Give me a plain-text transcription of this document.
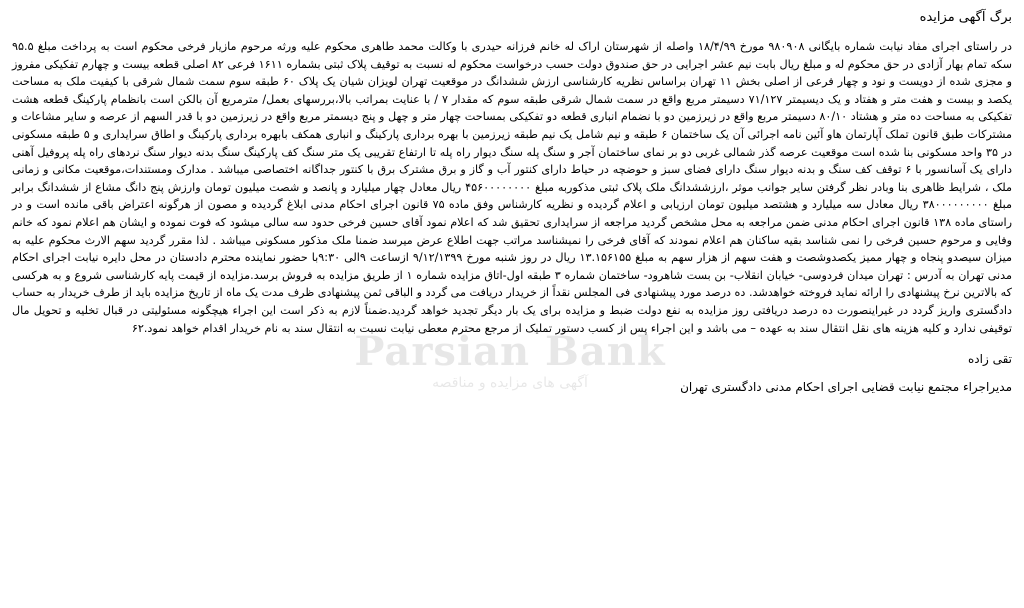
Parsian Bank
آگهی های مزایده و مناقصه
برگ آگهی مزایده

در راستای اجرای مفاد نیابت شماره بایگانی ۹۸۰۹۰۸ مورخ ۱۸/۴/۹۹ واصله از شهرستان اراک له خانم فرزانه حیدری با وکالت محمد طاهری محکوم علیه ورثه مرحوم مازیار فرخی محکوم است به پرداخت مبلغ ۹۵.۵ سکه تمام بهار آزادی در حق محکوم له و مبلغ ریال بابت نیم عشر اجرایی در حق صندوق دولت حسب درخواست محکوم له نسبت به توقیف پلاک ثبتی بشماره ۱۶۱۱ فرعی ۸۲ اصلی قطعه بیست و چهارم تفکیکی مفروز و مجزی شده از دویست و نود و چهار فرعی از اصلی بخش ۱۱ تهران براساس نظریه کارشناسی ارزش ششدانگ در موقعیت تهران لویزان شیان یک پلاک ۶۰ طبقه سوم سمت شمال شرقی با کیفیت ملک به مساحت یکصد و بیست و هفت متر و هفتاد و یک دیسیمتر ۷۱/۱۲۷ دسیمتر مربع واقع در سمت شمال شرقی طبقه سوم که مقدار ۷ / با عنایت بمراتب بالا،بررسهای بعمل/ مترمربع آن بالکن است بانظمام پارکینگ قطعه هشت تفکیکی به مساحت ده متر و هشتاد ۸۰/۱۰ دسیمتر مربع واقع در زیرزمین دو با نضمام انباری قطعه دو تفکیکی بمساحت چهار متر و چهل و پنج دیسمتر مربع واقع در زیرزمین دو با قدر السهم از عرصه و سایر مشاعات و مشترکات طبق قانون تملک آپارتمان هاو آئین نامه اجرائی آن یک ساختمان ۶ طبقه و نیم شامل یک نیم طبقه زیرزمین با بهره برداری پارکینگ و انباری همکف بابهره برداری پارکینگ و اطاق سرایداری و ۵ طبقه مسکونی در ۳۵ واحد مسکونی بنا شده است موقعیت عرصه گذر شمالی غربی دو بر نمای ساختمان آجر و سنگ پله سنگ دیوار راه پله تا ارتفاع تقریبی یک متر سنگ کف پارکینگ سنگ بدنه دیوار سنگ نردهای راه پله پروفیل آهنی دارای یک آسانسور با ۶ توقف کف سنگ و بدنه دیوار سنگ دارای فضای سبز و حوضچه در حیاط دارای کنتور آب و گاز و برق مشترک برق با کنتور جداگانه اختصاصی میباشد . مدارک ومستندات،موقعیت مکانی و زمانی ملک ، شرایط ظاهری بنا وبادر نظر گرفتن سایر جوانب موثر ،ارزششدانگ ملک پلاک ثبتی مذکوربه مبلغ ۴۵۶۰۰۰۰۰۰۰۰ ریال معادل چهار میلیارد و پانصد و شصت میلیون تومان وارزش پنج دانگ مشاع از ششدانگ برابر مبلغ ۳۸۰۰۰۰۰۰۰۰۰ ریال معادل سه میلیارد و هشتصد میلیون تومان ارزیابی و اعلام گردیده و نظریه کارشناس وفق ماده ۷۵ قانون اجرای احکام مدنی ابلاغ گردیده و مصون از هرگونه اعتراض باقی مانده است و در راستای ماده ۱۳۸ قانون اجرای احکام مدنی ضمن مراجعه به محل مشخص گردید مراجعه از سرایداری تحقیق شد که اعلام نمود آقای حسین فرخی حدود سه سالی میشود که فوت نموده و ایشان هم اعلام نمود که خانم وفایی و مرحوم حسین فرخی را نمی شناسد بقیه ساکنان هم اعلام نمودند که آقای فرخی را نمیشناسد مراتب جهت اطلاع عرض میرسد ضمنا ملک مذکور مسکونی میباشد . لذا مقرر گردید سهم الارث محکوم علیه به میزان سیصدو پنجاه و چهار ممیز یکصدوشصت و هفت سهم از هزار سهم به مبلغ ۱۳.۱۵۶۱۵۵ ریال در روز شنبه مورخ ۹/۱۲/۱۳۹۹ ازساعت ۹الی ۹:۳۰با حضور نماینده محترم دادستان در محل دایره نیابت اجرای احکام مدنی تهران به آدرس : تهران میدان فردوسی- خیابان انقلاب- بن بست شاهرود- ساختمان شماره ۳ طبقه اول-اتاق مزایده شماره ۱ از طریق مزایده به فروش برسد.مزایده از قیمت پایه کارشناسی شروع و به هرکسی که بالاترین نرخ پیشنهادی را ارائه نماید فروخته خواهدشد. ده درصد مورد پیشنهادی فی المجلس نقداً از خریدار دریافت می گردد و الباقی ثمن پیشنهادی ظرف مدت یک ماه از تاریخ مزایده باید از طرف خریدار به حساب دادگستری واریز گردد در غیراینصورت ده درصد دریافتی روز مزایده به نفع دولت ضبط و مزایده برای یک بار دیگر تجدید خواهد گردید.ضمناً لازم به ذکر است این اجراء هیچگونه مسئولیتی در قبال تخلیه و تحویل مال توقیفی ندارد و کلیه هزینه های نقل انتقال سند به عهده – می باشد و این اجراء پس از کسب دستور تملیک از مرجع محترم معطی نیابت نسبت به انتقال سند به نام خریدار اقدام خواهد نمود.۶۲

تقی زاده
مدیراجراء مجتمع نیابت قضایی اجرای احکام مدنی دادگستری تهران
